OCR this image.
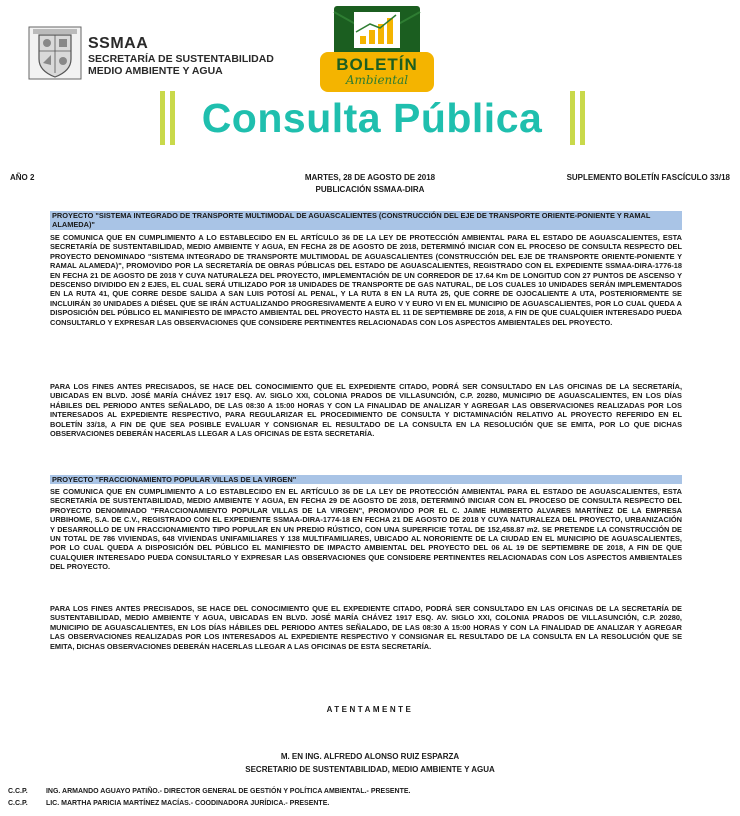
SSMAA
SECRETARÍA DE SUSTENTABILIDAD
MEDIO AMBIENTE Y AGUA	BOLETÍN
Ambiental
Consulta Pública
AÑO 2	MARTES, 28 DE AGOSTO DE 2018
PUBLICACIÓN SSMAA-DIRA
SUPLEMENTO BOLETÍN FASCÍCULO 33/18
PROYECTO "SISTEMA INTEGRADO DE TRANSPORTE MULTIMODAL DE AGUASCALIENTES (CONSTRUCCIÓN DEL EJE DE TRANSPORTE ORIENTE-PONIENTE Y RAMAL ALAMEDA)"
SE COMUNICA QUE EN CUMPLIMIENTO A LO ESTABLECIDO EN EL ARTÍCULO 36 DE LA LEY DE PROTECCIÓN AMBIENTAL PARA EL ESTADO DE AGUASCALIENTES, ESTA SECRETARÍA DE SUSTENTABILIDAD, MEDIO AMBIENTE Y AGUA, EN FECHA 28 DE AGOSTO DE 2018, DETERMINÓ INICIAR CON EL PROCESO DE CONSULTA RESPECTO DEL PROYECTO DENOMINADO "SISTEMA INTEGRADO DE TRANSPORTE MULTIMODAL DE AGUASCALIENTES (CONSTRUCCIÓN DEL EJE DE TRANSPORTE ORIENTE-PONIENTE Y RAMAL ALAMEDA)", PROMOVIDO POR LA SECRETARÍA DE OBRAS PÚBLICAS DEL ESTADO DE AGUASCALIENTES, REGISTRADO CON EL EXPEDIENTE SSMAA-DIRA-1776-18 EN FECHA 21 DE AGOSTO DE 2018 Y CUYA NATURALEZA DEL PROYECTO, IMPLEMENTACIÓN DE UN CORREDOR DE 17.64 Km DE LONGITUD CON 27 PUNTOS DE ASCENSO Y DESCENSO DIVIDIDO EN 2 EJES, EL CUAL SERÁ UTILIZADO POR 18 UNIDADES DE TRANSPORTE DE GAS NATURAL, DE LOS CUALES 10 UNIDADES SERÁN IMPLEMENTADOS EN LA RUTA 41, QUE CORRE DESDE SALIDA A SAN LUIS POTOSÍ AL PENAL, Y LA RUTA 8 EN LA RUTA 25, QUE CORRE DE OJOCALIENTE A UTA, POSTERIORMENTE SE INCLUIRÁN 30 UNIDADES A DIÉSEL QUE SE IRÁN ACTUALIZANDO PROGRESIVAMENTE A EURO V Y EURO VI EN EL MUNICIPIO DE AGUASCALIENTES, POR LO CUAL QUEDA A DISPOSICIÓN DEL PÚBLICO EL MANIFIESTO DE IMPACTO AMBIENTAL DEL PROYECTO HASTA EL 11 DE SEPTIEMBRE DE 2018, A FIN DE QUE CUALQUIER INTERESADO PUEDA CONSULTARLO Y EXPRESAR LAS OBSERVACIONES QUE CONSIDERE PERTINENTES RELACIONADAS CON LOS ASPECTOS AMBIENTALES DEL PROYECTO.
PARA LOS FINES ANTES PRECISADOS, SE HACE DEL CONOCIMIENTO QUE EL EXPEDIENTE CITADO, PODRÁ SER CONSULTADO EN LAS OFICINAS DE LA SECRETARÍA, UBICADAS EN BLVD. JOSÉ MARÍA CHÁVEZ 1917 ESQ. AV. SIGLO XXI, COLONIA PRADOS DE VILLASUNCIÓN, C.P. 20280, MUNICIPIO DE AGUASCALIENTES, EN LOS DÍAS HÁBILES DEL PERIODO ANTES SEÑALADO, DE LAS 08:30 A 15:00 HORAS Y CON LA FINALIDAD DE ANALIZAR Y AGREGAR LAS OBSERVACIONES REALIZADAS POR LOS INTERESADOS AL EXPEDIENTE RESPECTIVO, PARA REGULARIZAR EL PROCEDIMIENTO DE CONSULTA Y DICTAMINACIÓN RELATIVO AL PROYECTO REFERIDO EN EL BOLETÍN 33/18, A FIN DE QUE SEA POSIBLE EVALUAR Y CONSIGNAR EL RESULTADO DE LA CONSULTA EN LA RESOLUCIÓN QUE SE EMITA, POR LO QUE DICHAS OBSERVACIONES DEBERÁN HACERLAS LLEGAR A LAS OFICINAS DE ESTA SECRETARÍA.
PROYECTO "FRACCIONAMIENTO POPULAR VILLAS DE LA VIRGEN"
SE COMUNICA QUE EN CUMPLIMIENTO A LO ESTABLECIDO EN EL ARTÍCULO 36 DE LA LEY DE PROTECCIÓN AMBIENTAL PARA EL ESTADO DE AGUASCALIENTES, ESTA SECRETARÍA DE SUSTENTABILIDAD, MEDIO AMBIENTE Y AGUA, EN FECHA 29 DE AGOSTO DE 2018, DETERMINÓ INICIAR CON EL PROCESO DE CONSULTA RESPECTO DEL PROYECTO DENOMINADO "FRACCIONAMIENTO POPULAR VILLAS DE LA VIRGEN", PROMOVIDO POR EL C. JAIME HUMBERTO ALVARES MARTÍNEZ DE LA EMPRESA URBIHOME, S.A. DE C.V., REGISTRADO CON EL EXPEDIENTE SSMAA-DIRA-1774-18 EN FECHA 21 DE AGOSTO DE 2018 Y CUYA NATURALEZA DEL PROYECTO, URBANIZACIÓN Y DESARROLLO DE UN FRACCIONAMIENTO TIPO POPULAR EN UN PREDIO RÚSTICO, CON UNA SUPERFICIE TOTAL DE 152,458.87 m2. SE PRETENDE LA CONSTRUCCIÓN DE UN TOTAL DE 786 VIVIENDAS, 648 VIVIENDAS UNIFAMILIARES Y 138 MULTIFAMILIARES, UBICADO AL NORORIENTE DE LA CIUDAD EN EL MUNICIPIO DE AGUASCALIENTES, POR LO CUAL QUEDA A DISPOSICIÓN DEL PÚBLICO EL MANIFIESTO DE IMPACTO AMBIENTAL DEL PROYECTO DEL 06 AL 19 DE SEPTIEMBRE DE 2018, A FIN DE QUE CUALQUIER INTERESADO PUEDA CONSULTARLO Y EXPRESAR LAS OBSERVACIONES QUE CONSIDERE PERTINENTES RELACIONADAS CON LOS ASPECTOS AMBIENTALES DEL PROYECTO.
PARA LOS FINES ANTES PRECISADOS, SE HACE DEL CONOCIMIENTO QUE EL EXPEDIENTE CITADO, PODRÁ SER CONSULTADO EN LAS OFICINAS DE LA SECRETARÍA DE SUSTENTABILIDAD, MEDIO AMBIENTE Y AGUA, UBICADAS EN BLVD. JOSÉ MARÍA CHÁVEZ 1917 ESQ. AV. SIGLO XXI, COLONIA PRADOS DE VILLASUNCIÓN, C.P. 20280, MUNICIPIO DE AGUASCALIENTES, EN LOS DÍAS HÁBILES DEL PERIODO ANTES SEÑALADO, DE LAS 08:30 A 15:00 HORAS Y CON LA FINALIDAD DE ANALIZAR Y AGREGAR LAS OBSERVACIONES REALIZADAS POR LOS INTERESADOS AL EXPEDIENTE RESPECTIVO Y CONSIGNAR EL RESULTADO DE LA CONSULTA EN LA RESOLUCIÓN QUE SE EMITA, DICHAS OBSERVACIONES DEBERÁN HACERLAS LLEGAR A LAS OFICINAS DE ESTA SECRETARÍA.
ATENTAMENTE
M. EN ING. ALFREDO ALONSO RUIZ ESPARZA
SECRETARIO DE SUSTENTABILIDAD, MEDIO AMBIENTE Y AGUA
C.C.P.	ING. ARMANDO AGUAYO PATIÑO.- DIRECTOR GENERAL DE GESTIÓN Y POLÍTICA AMBIENTAL.- PRESENTE.
C.C.P.	LIC. MARTHA PARICIA MARTÍNEZ MACÍAS.- COODINADORA JURÍDICA.- PRESENTE.
